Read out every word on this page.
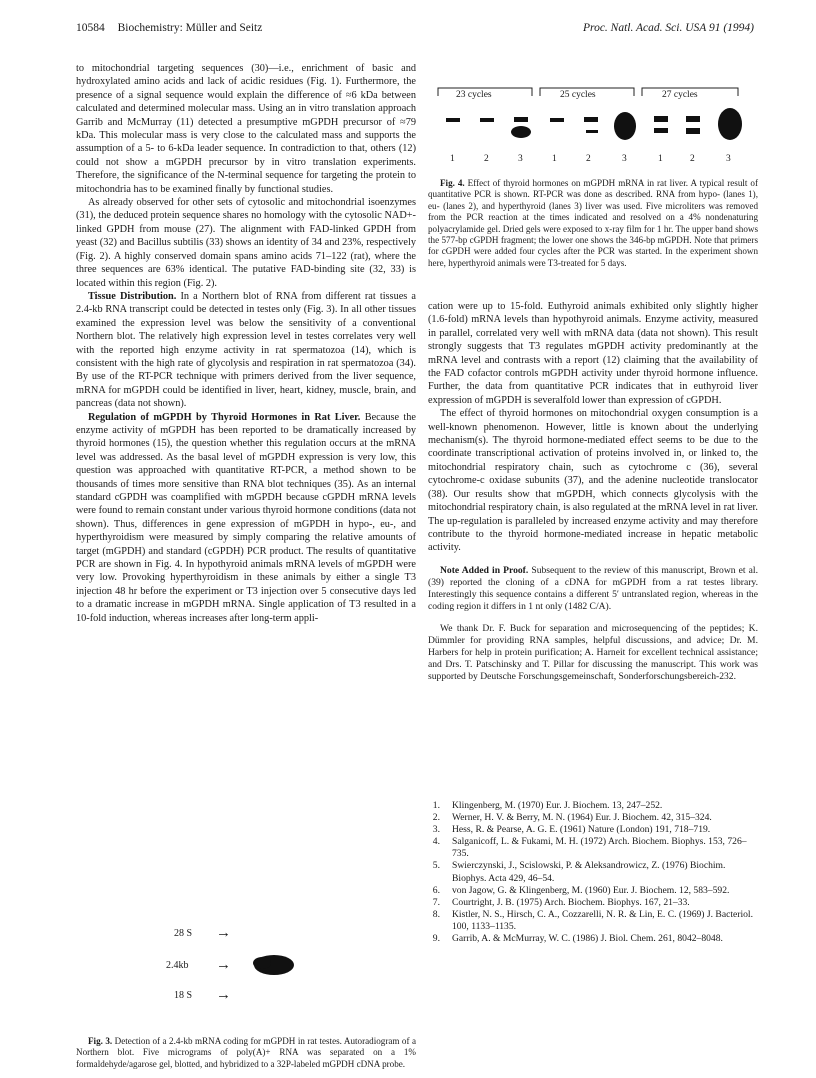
10584 Biochemistry: Müller and Seitz	Proc. Natl. Acad. Sci. USA 91 (1994)

to mitochondrial targeting sequences (30)—i.e., enrichment of basic and hydroxylated amino acids and lack of acidic residues (Fig. 1). Furthermore, the presence of a signal sequence would explain the difference of ≈6 kDa between calculated and determined molecular mass. Using an in vitro translation approach Garrib and McMurray (11) detected a presumptive mGPDH precursor of ≈79 kDa. This molecular mass is very close to the calculated mass and supports the assumption of a 5- to 6-kDa leader sequence. In contradiction to that, others (12) could not show a mGPDH precursor by in vitro translation experiments. Therefore, the significance of the N-terminal sequence for targeting the protein to mitochondria has to be examined finally by functional studies.

As already observed for other sets of cytosolic and mitochondrial isoenzymes (31), the deduced protein sequence shares no homology with the cytosolic NAD+-linked GPDH from mouse (27). The alignment with FAD-linked GPDH from yeast (32) and Bacillus subtilis (33) shows an identity of 34 and 23%, respectively (Fig. 2). A highly conserved domain spans amino acids 71–122 (rat), where the three sequences are 63% identical. The putative FAD-binding site (32, 33) is located within this region (Fig. 2).

Tissue Distribution. In a Northern blot of RNA from different rat tissues a 2.4-kb RNA transcript could be detected in testes only (Fig. 3). In all other tissues examined the expression level was below the sensitivity of a conventional Northern blot. The relatively high expression level in testes correlates very well with the reported high enzyme activity in rat spermatozoa (14), which is consistent with the high rate of glycolysis and respiration in rat spermatozoa (34). By use of the RT-PCR technique with primers derived from the liver sequence, mRNA for mGPDH could be identified in liver, heart, kidney, muscle, brain, and pancreas (data not shown).

Regulation of mGPDH by Thyroid Hormones in Rat Liver. Because the enzyme activity of mGPDH has been reported to be dramatically increased by thyroid hormones (15), the question whether this regulation occurs at the mRNA level was addressed. As the basal level of mGPDH expression is very low, this question was approached with quantitative RT-PCR, a method shown to be thousands of times more sensitive than RNA blot techniques (35). As an internal standard cGPDH was coamplified with mGPDH because cGPDH mRNA levels were found to remain constant under various thyroid hormone conditions (data not shown). Thus, differences in gene expression of mGPDH in hypo-, eu-, and hyperthyroidism were measured by simply comparing the relative amounts of target (mGPDH) and standard (cGPDH) PCR product. The results of quantitative PCR are shown in Fig. 4. In hypothyroid animals mRNA levels of mGPDH were very low. Provoking hyperthyroidism in these animals by either a single T3 injection 48 hr before the experiment or T3 injection over 5 consecutive days led to a dramatic increase in mGPDH mRNA. Single application of T3 resulted in a 10-fold induction, whereas increases after long-term appli-

28 S →
2.4kb →
18 S →

Fig. 3. Detection of a 2.4-kb mRNA coding for mGPDH in rat testes. Autoradiogram of a Northern blot. Five micrograms of poly(A)+ RNA was separated on a 1% formaldehyde/agarose gel, blotted, and hybridized to a 32P-labeled mGPDH cDNA probe.

23 cycles	25 cycles	27 cycles
1	2	3	1	2	3	1	2	3

Fig. 4. Effect of thyroid hormones on mGPDH mRNA in rat liver. A typical result of quantitative PCR is shown. RT-PCR was done as described. RNA from hypo- (lanes 1), eu- (lanes 2), and hyperthyroid (lanes 3) liver was used. Five microliters was removed from the PCR reaction at the times indicated and resolved on a 4% nondenaturing polyacrylamide gel. Dried gels were exposed to x-ray film for 1 hr. The upper band shows the 577-bp cGPDH fragment; the lower one shows the 346-bp mGPDH. Note that primers for cGPDH were added four cycles after the PCR was started. In the experiment shown here, hyperthyroid animals were T3-treated for 5 days.

cation were up to 15-fold. Euthyroid animals exhibited only slightly higher (1.6-fold) mRNA levels than hypothyroid animals. Enzyme activity, measured in parallel, correlated very well with mRNA data (data not shown). This result strongly suggests that T3 regulates mGPDH activity predominantly at the mRNA level and contrasts with a report (12) claiming that the availability of the FAD cofactor controls mGPDH activity under thyroid hormone influence. Further, the data from quantitative PCR indicates that in euthyroid liver expression of mGPDH is severalfold lower than expression of cGPDH.

The effect of thyroid hormones on mitochondrial oxygen consumption is a well-known phenomenon. However, little is known about the underlying mechanism(s). The thyroid hormone-mediated effect seems to be due to the coordinate transcriptional activation of proteins involved in, or linked to, the mitochondrial respiratory chain, such as cytochrome c (36), several cytochrome-c oxidase subunits (37), and the adenine nucleotide translocator (38). Our results show that mGPDH, which connects glycolysis with the mitochondrial respiratory chain, is also regulated at the mRNA level in rat liver. The up-regulation is paralleled by increased enzyme activity and may therefore contribute to the thyroid hormone-mediated increase in hepatic metabolic activity.

Note Added in Proof. Subsequent to the review of this manuscript, Brown et al. (39) reported the cloning of a cDNA for mGPDH from a rat testes library. Interestingly this sequence contains a different 5′ untranslated region, whereas in the coding region it differs in 1 nt only (1482 C/A).

We thank Dr. F. Buck for separation and microsequencing of the peptides; K. Dümmler for providing RNA samples, helpful discussions, and advice; Dr. M. Harbers for help in protein purification; A. Harneit for excellent technical assistance; and Drs. T. Patschinsky and T. Pillar for discussing the manuscript. This work was supported by Deutsche Forschungsgemeinschaft, Sonderforschungsbereich-232.

1. Klingenberg, M. (1970) Eur. J. Biochem. 13, 247–252.
2. Werner, H. V. & Berry, M. N. (1964) Eur. J. Biochem. 42, 315–324.
3. Hess, R. & Pearse, A. G. E. (1961) Nature (London) 191, 718–719.
4. Salganicoff, L. & Fukami, M. H. (1972) Arch. Biochem. Biophys. 153, 726–735.
5. Swierczynski, J., Scislowski, P. & Aleksandrowicz, Z. (1976) Biochim. Biophys. Acta 429, 46–54.
6. von Jagow, G. & Klingenberg, M. (1960) Eur. J. Biochem. 12, 583–592.
7. Courtright, J. B. (1975) Arch. Biochem. Biophys. 167, 21–33.
8. Kistler, N. S., Hirsch, C. A., Cozzarelli, N. R. & Lin, E. C. (1969) J. Bacteriol. 100, 1133–1135.
9. Garrib, A. & McMurray, W. C. (1986) J. Biol. Chem. 261, 8042–8048.
